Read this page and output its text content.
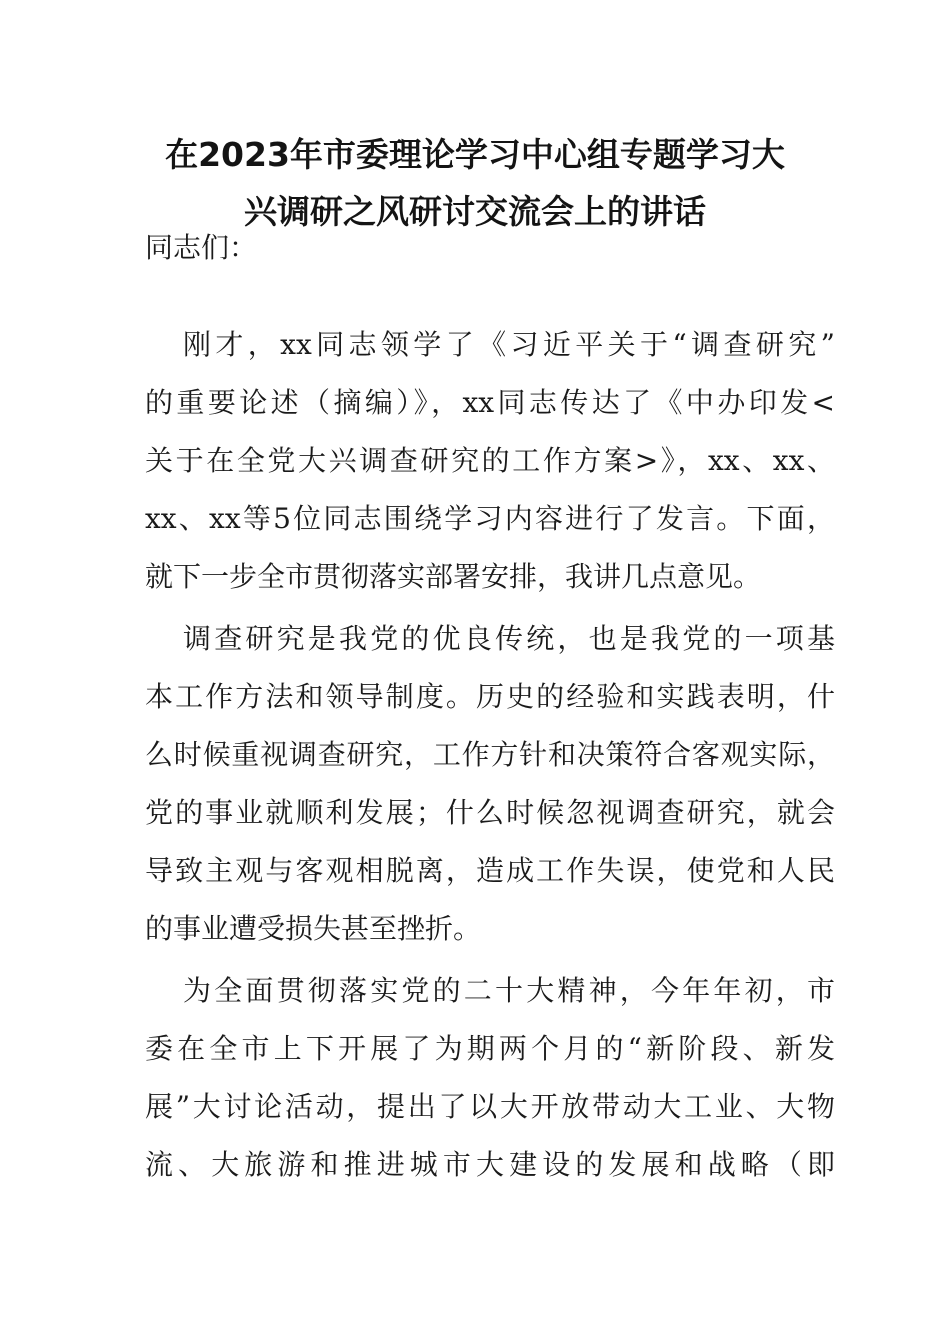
在2023年市委理论学习中心组专题学习大
兴调研之风研讨交流会上的讲话
同志们：
刚才，xx同志领学了《习近平关于“调查研究”
的重要论述（摘编）》，xx同志传达了《中办印发<
关于在全党大兴调查研究的工作方案>》，xx、xx、
xx、xx等5位同志围绕学习内容进行了发言。下面，
就下一步全市贯彻落实部署安排，我讲几点意见。
调查研究是我党的优良传统，也是我党的一项基
本工作方法和领导制度。历史的经验和实践表明，什
么时候重视调查研究，工作方针和决策符合客观实际，
党的事业就顺利发展；什么时候忽视调查研究，就会
导致主观与客观相脱离，造成工作失误，使党和人民
的事业遭受损失甚至挫折。
为全面贯彻落实党的二十大精神，今年年初，市
委在全市上下开展了为期两个月的“新阶段、新发
展”大讨论活动，提出了以大开放带动大工业、大物
流、大旅游和推进城市大建设的发展和战略（即
